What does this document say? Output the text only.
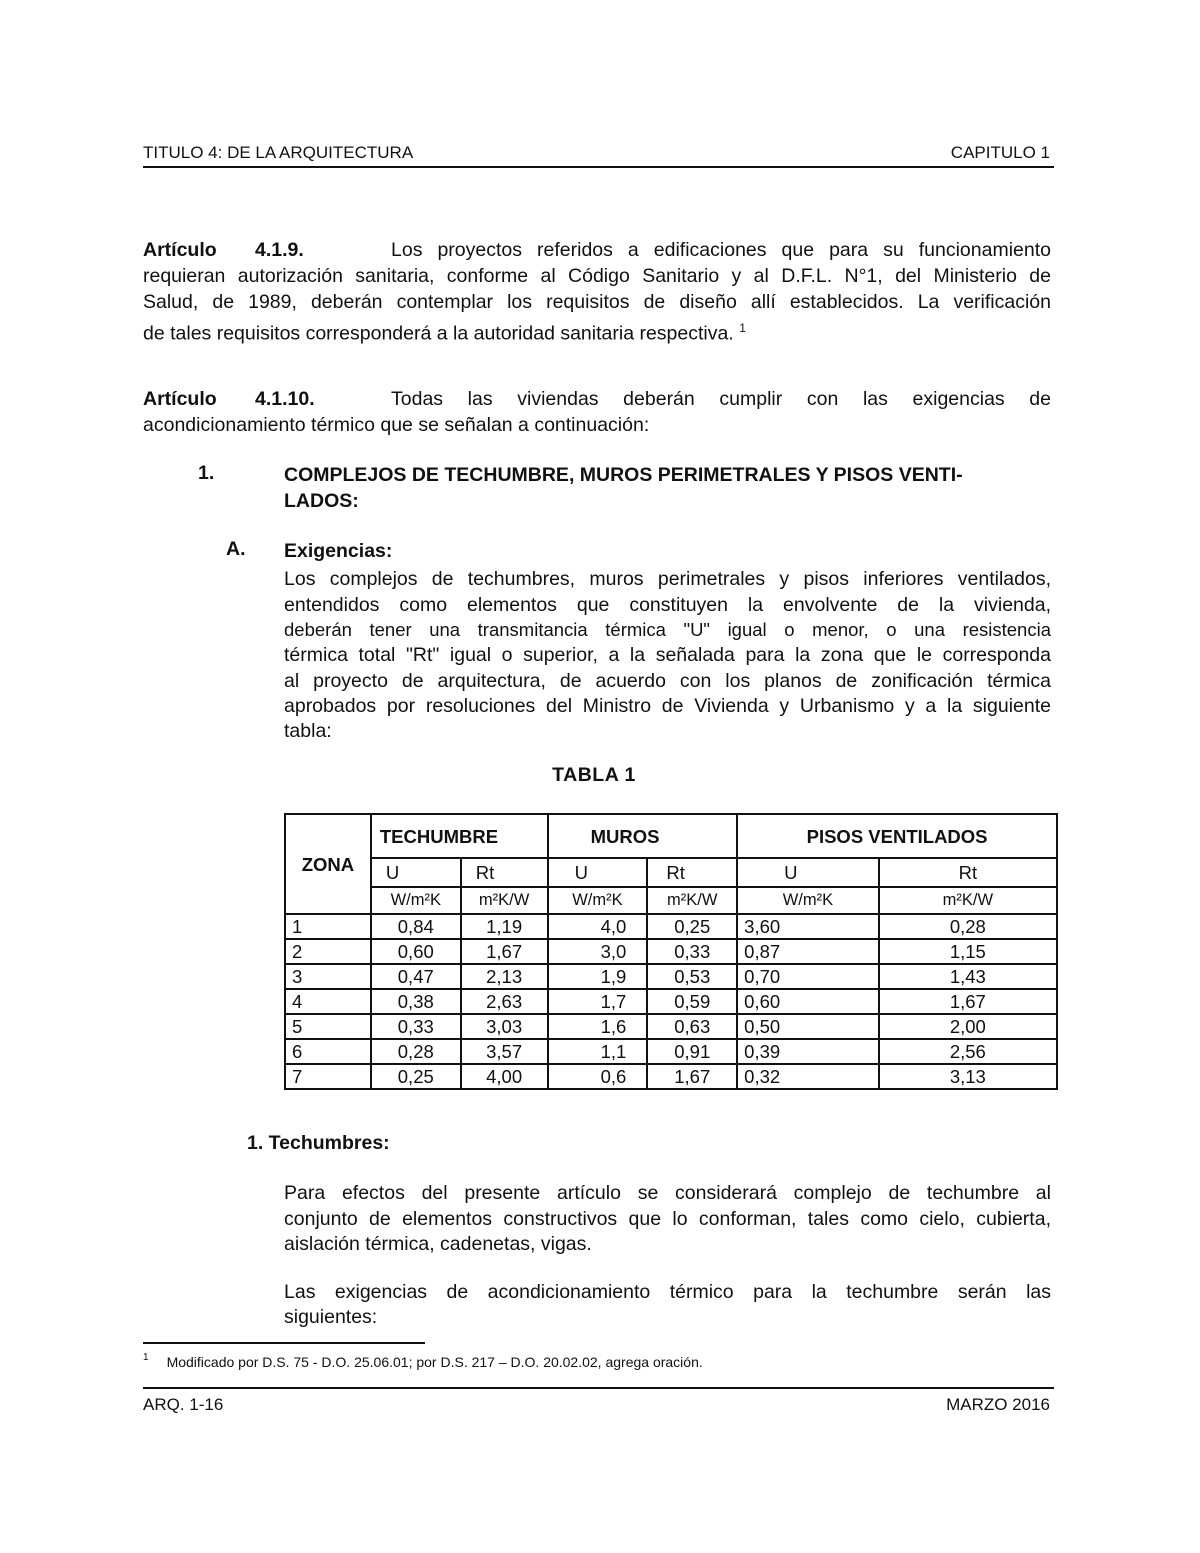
TITULO 4: DE LA ARQUITECTURA	CAPITULO 1
Artículo 4.1.9.	Los proyectos referidos a edificaciones que para su funcionamiento
requieran autorización sanitaria, conforme al Código Sanitario y al D.F.L. N°1, del Ministerio de
Salud, de 1989, deberán contemplar los requisitos de diseño allí establecidos. La verificación
de tales requisitos corresponderá a la autoridad sanitaria respectiva. $^1$
Artículo 4.1.10.	Todas las viviendas deberán cumplir con las exigencias de
acondicionamiento térmico que se señalan a continuación:
1.	COMPLEJOS DE TECHUMBRE, MUROS PERIMETRALES Y PISOS VENTI-
LADOS:
A. Exigencias:
Los complejos de techumbres, muros perimetrales y pisos inferiores ventilados,
entendidos como elementos que constituyen la envolvente de la vivienda,
deberán tener una transmitancia térmica "U" igual o menor, o una resistencia
térmica total "Rt" igual o superior, a la señalada para la zona que le corresponda
al proyecto de arquitectura, de acuerdo con los planos de zonificación térmica
aprobados por resoluciones del Ministro de Vivienda y Urbanismo y a la siguiente
tabla:
TABLA 1
ZONA	TECHUMBRE		MUROS		PISOS VENTILADOS	
	U	Rt	U	Rt	U	Rt
	W/m²K	m²K/W	W/m²K	m²K/W	W/m²K	m²K/W
1	0,84	1,19	4,0	0,25	3,60	0,28
2	0,60	1,67	3,0	0,33	0,87	1,15
3	0,47	2,13	1,9	0,53	0,70	1,43
4	0,38	2,63	1,7	0,59	0,60	1,67
5	0,33	3,03	1,6	0,63	0,50	2,00
6	0,28	3,57	1,1	0,91	0,39	2,56
7	0,25	4,00	0,6	1,67	0,32	3,13
1. Techumbres:
Para efectos del presente artículo se considerará complejo de techumbre al
conjunto de elementos constructivos que lo conforman, tales como cielo, cubierta,
aislación térmica, cadenetas, vigas.
Las exigencias de acondicionamiento térmico para la techumbre serán las
siguientes:
$^1$ Modificado por D.S. 75 - D.O. 25.06.01; por D.S. 217 – D.O. 20.02.02, agrega oración.
ARQ. 1-16	MARZO 2016
